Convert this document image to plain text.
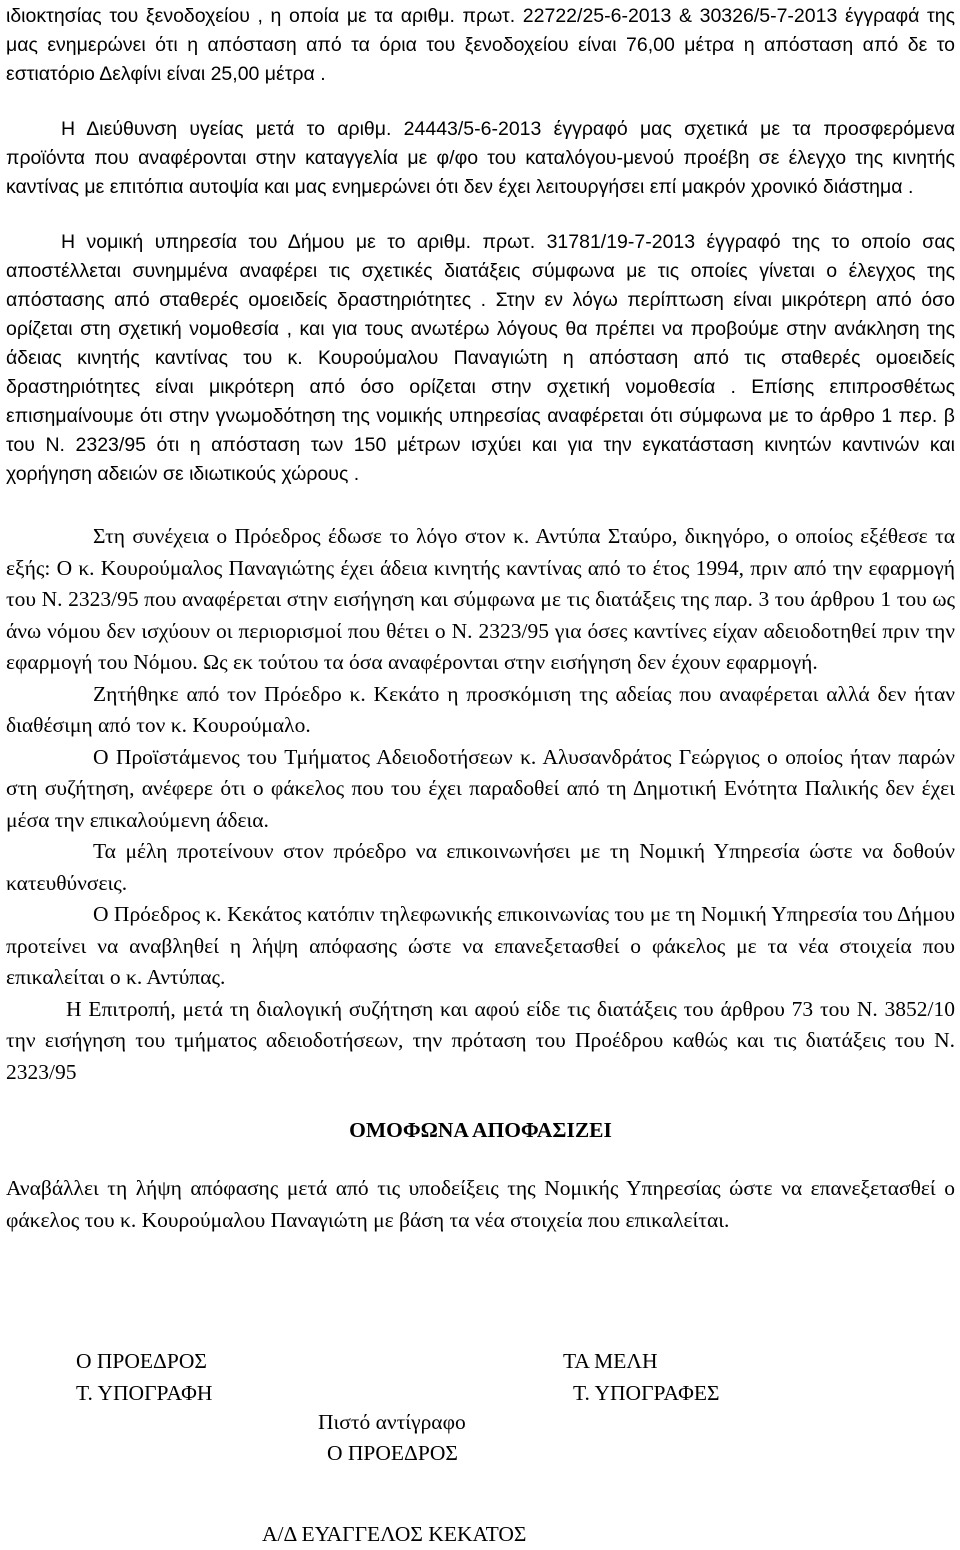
ιδιοκτησίας του ξενοδοχείου , η οποία με τα αριθμ. πρωτ. 22722/25-6-2013 & 30326/5-7-2013 έγγραφά της μας ενημερώνει ότι η απόσταση από τα όρια του ξενοδοχείου είναι 76,00 μέτρα η απόσταση από δε το εστιατόριο Δελφίνι είναι 25,00 μέτρα .

Η Διεύθυνση υγείας μετά το αριθμ. 24443/5-6-2013 έγγραφό μας σχετικά με τα προσφερόμενα προϊόντα που αναφέρονται στην καταγγελία με φ/φο του καταλόγου-μενού προέβη σε έλεγχο της κινητής καντίνας με επιτόπια αυτοψία και μας ενημερώνει ότι δεν έχει λειτουργήσει επί μακρόν χρονικό διάστημα .

Η νομική υπηρεσία του Δήμου με το αριθμ. πρωτ. 31781/19-7-2013 έγγραφό της το οποίο σας αποστέλλεται συνημμένα αναφέρει τις σχετικές διατάξεις σύμφωνα με τις οποίες γίνεται ο έλεγχος της απόστασης από σταθερές ομοειδείς δραστηριότητες . Στην εν λόγω περίπτωση είναι μικρότερη από όσο ορίζεται στη σχετική νομοθεσία , και για τους ανωτέρω λόγους θα πρέπει να προβούμε στην ανάκληση της άδειας κινητής καντίνας του κ. Κουρούμαλου Παναγιώτη η απόσταση από τις σταθερές ομοειδείς δραστηριότητες είναι μικρότερη από όσο ορίζεται στην σχετική νομοθεσία . Επίσης επιπροσθέτως επισημαίνουμε ότι στην γνωμοδότηση της νομικής υπηρεσίας αναφέρεται ότι σύμφωνα με το άρθρο 1 περ. β του Ν. 2323/95 ότι η απόσταση των 150 μέτρων ισχύει και για την εγκατάσταση κινητών καντινών και χορήγηση αδειών σε ιδιωτικούς χώρους .

Στη συνέχεια ο Πρόεδρος έδωσε το λόγο στον κ. Αντύπα Σταύρο, δικηγόρο, ο οποίος εξέθεσε τα εξής: Ο κ. Κουρούμαλος Παναγιώτης έχει άδεια κινητής καντίνας από το έτος 1994, πριν από την εφαρμογή του Ν. 2323/95 που αναφέρεται στην εισήγηση και σύμφωνα με τις διατάξεις της παρ. 3 του άρθρου 1 του ως άνω νόμου δεν ισχύουν οι περιορισμοί που θέτει ο Ν. 2323/95 για όσες καντίνες είχαν αδειοδοτηθεί πριν την εφαρμογή του Νόμου. Ως εκ τούτου τα όσα αναφέρονται στην εισήγηση δεν έχουν εφαρμογή.

Ζητήθηκε από τον Πρόεδρο κ. Κεκάτο η προσκόμιση της αδείας που αναφέρεται αλλά δεν ήταν διαθέσιμη από τον κ. Κουρούμαλο.

Ο Προϊστάμενος του Τμήματος Αδειοδοτήσεων κ. Αλυσανδράτος Γεώργιος ο οποίος ήταν παρών στη συζήτηση, ανέφερε ότι ο φάκελος που του έχει παραδοθεί από τη Δημοτική Ενότητα Παλικής δεν έχει μέσα την επικαλούμενη άδεια.

Τα μέλη προτείνουν στον πρόεδρο να επικοινωνήσει με τη Νομική Υπηρεσία ώστε να δοθούν κατευθύνσεις.

Ο Πρόεδρος κ. Κεκάτος κατόπιν τηλεφωνικής επικοινωνίας του με τη Νομική Υπηρεσία του Δήμου προτείνει να αναβληθεί η λήψη απόφασης ώστε να επανεξετασθεί ο φάκελος με τα νέα στοιχεία που επικαλείται ο κ. Αντύπας.

Η Επιτροπή, μετά τη διαλογική συζήτηση και αφού είδε τις διατάξεις του άρθρου 73 του Ν. 3852/10 την εισήγηση του τμήματος αδειοδοτήσεων, την πρόταση του Προέδρου καθώς και τις διατάξεις του Ν. 2323/95

ΟΜΟΦΩΝΑ ΑΠΟΦΑΣΙΖΕΙ

Αναβάλλει τη λήψη απόφασης μετά από τις υποδείξεις της Νομικής Υπηρεσίας ώστε να επανεξετασθεί ο φάκελος του κ. Κουρούμαλου Παναγιώτη με βάση τα νέα στοιχεία που επικαλείται.

Ο ΠΡΟΕΔΡΟΣ

Τ. ΥΠΟΓΡΑΦΗ

ΤΑ ΜΕΛΗ

Τ. ΥΠΟΓΡΑΦΕΣ

Πιστό αντίγραφο

Ο ΠΡΟΕΔΡΟΣ

Α/Δ ΕΥΑΓΓΕΛΟΣ ΚΕΚΑΤΟΣ
